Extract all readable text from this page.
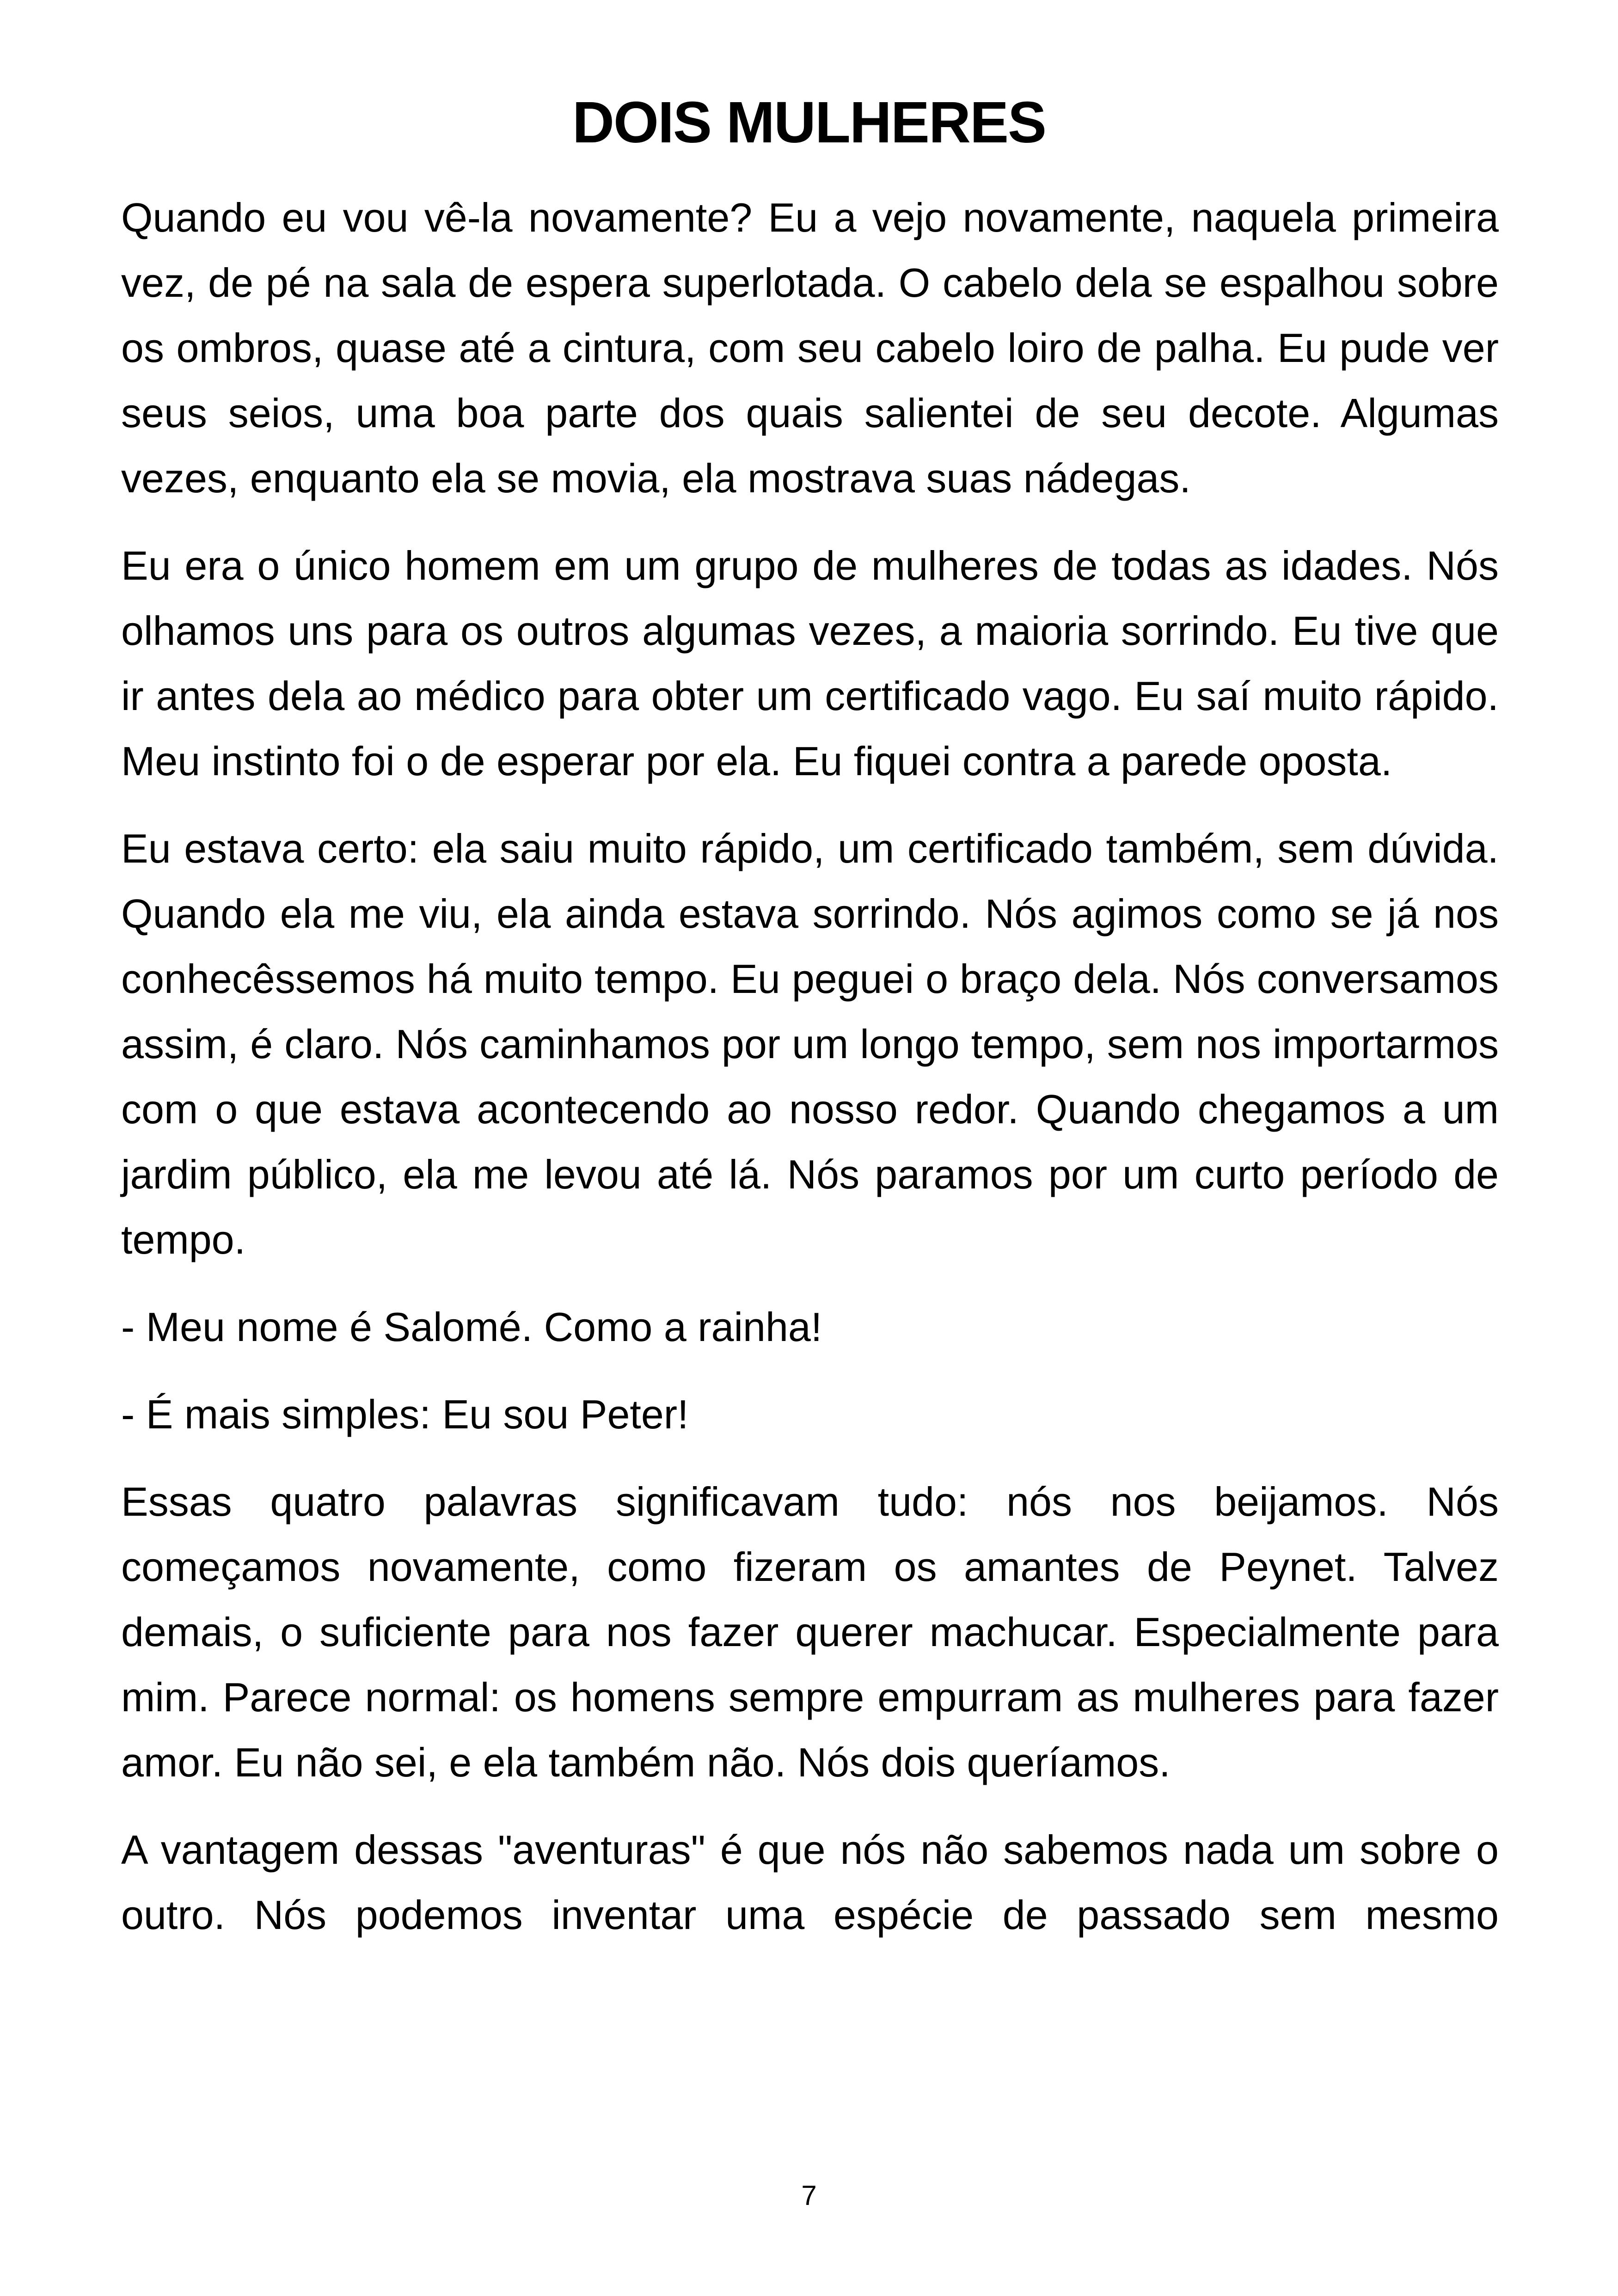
DOIS MULHERES

Quando eu vou vê-la novamente? Eu a vejo novamente, naquela primeira vez, de pé na sala de espera superlotada. O cabelo dela se espalhou sobre os ombros, quase até a cintura, com seu cabelo loiro de palha. Eu pude ver seus seios, uma boa parte dos quais salientei de seu decote. Algumas vezes, enquanto ela se movia, ela mostrava suas nádegas.

Eu era o único homem em um grupo de mulheres de todas as idades. Nós olhamos uns para os outros algumas vezes, a maioria sorrindo. Eu tive que ir antes dela ao médico para obter um certificado vago. Eu saí muito rápido. Meu instinto foi o de esperar por ela. Eu fiquei contra a parede oposta.

Eu estava certo: ela saiu muito rápido, um certificado também, sem dúvida. Quando ela me viu, ela ainda estava sorrindo. Nós agimos como se já nos conhecêssemos há muito tempo. Eu peguei o braço dela. Nós conversamos assim, é claro. Nós caminhamos por um longo tempo, sem nos importarmos com o que estava acontecendo ao nosso redor. Quando chegamos a um jardim público, ela me levou até lá. Nós paramos por um curto período de tempo.

- Meu nome é Salomé. Como a rainha!

- É mais simples: Eu sou Peter!

Essas quatro palavras significavam tudo: nós nos beijamos. Nós começamos novamente, como fizeram os amantes de Peynet. Talvez demais, o suficiente para nos fazer querer machucar. Especialmente para mim. Parece normal: os homens sempre empurram as mulheres para fazer amor. Eu não sei, e ela também não. Nós dois queríamos.

A vantagem dessas "aventuras" é que nós não sabemos nada um sobre o outro. Nós podemos inventar uma espécie de passado sem mesmo

7
